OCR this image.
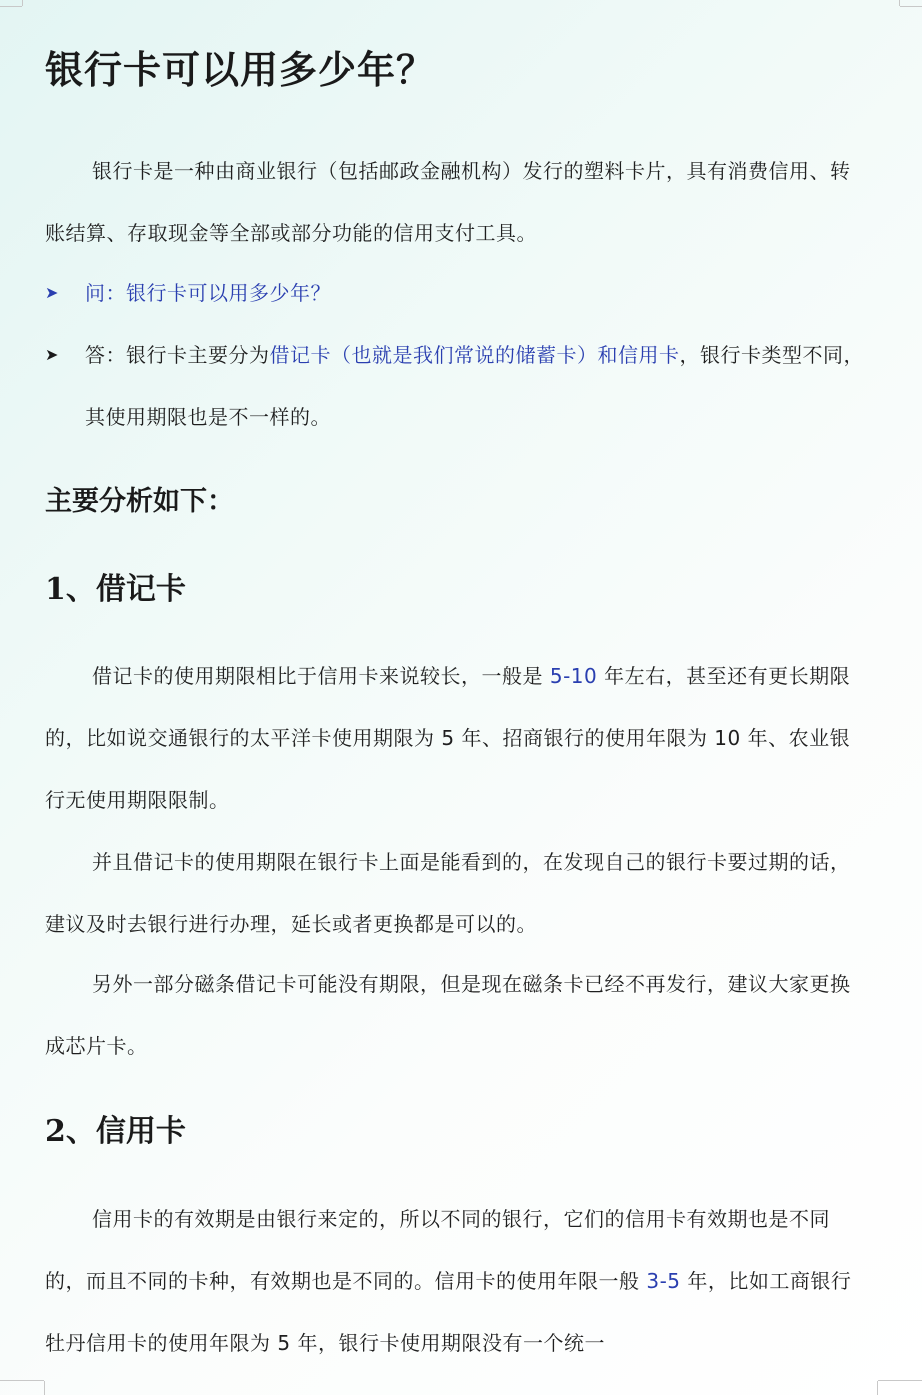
银行卡可以用多少年？

银行卡是一种由商业银行（包括邮政金融机构）发行的塑料卡片，具有消费信用、转账结算、存取现金等全部或部分功能的信用支付工具。

➤ 问：银行卡可以用多少年？
➤ 答：银行卡主要分为借记卡（也就是我们常说的储蓄卡）和信用卡，银行卡类型不同，其使用期限也是不一样的。
主要分析如下：
1、借记卡

借记卡的使用期限相比于信用卡来说较长，一般是 5-10 年左右，甚至还有更长期限的，比如说交通银行的太平洋卡使用期限为 5 年、招商银行的使用年限为 10 年、农业银行无使用期限限制。

并且借记卡的使用期限在银行卡上面是能看到的，在发现自己的银行卡要过期的话，建议及时去银行进行办理，延长或者更换都是可以的。

另外一部分磁条借记卡可能没有期限，但是现在磁条卡已经不再发行，建议大家更换成芯片卡。

2、信用卡

信用卡的有效期是由银行来定的，所以不同的银行，它们的信用卡有效期也是不同的，而且不同的卡种，有效期也是不同的。信用卡的使用年限一般 3-5 年，比如工商银行牡丹信用卡的使用年限为 5 年，银行卡使用期限没有一个统一
